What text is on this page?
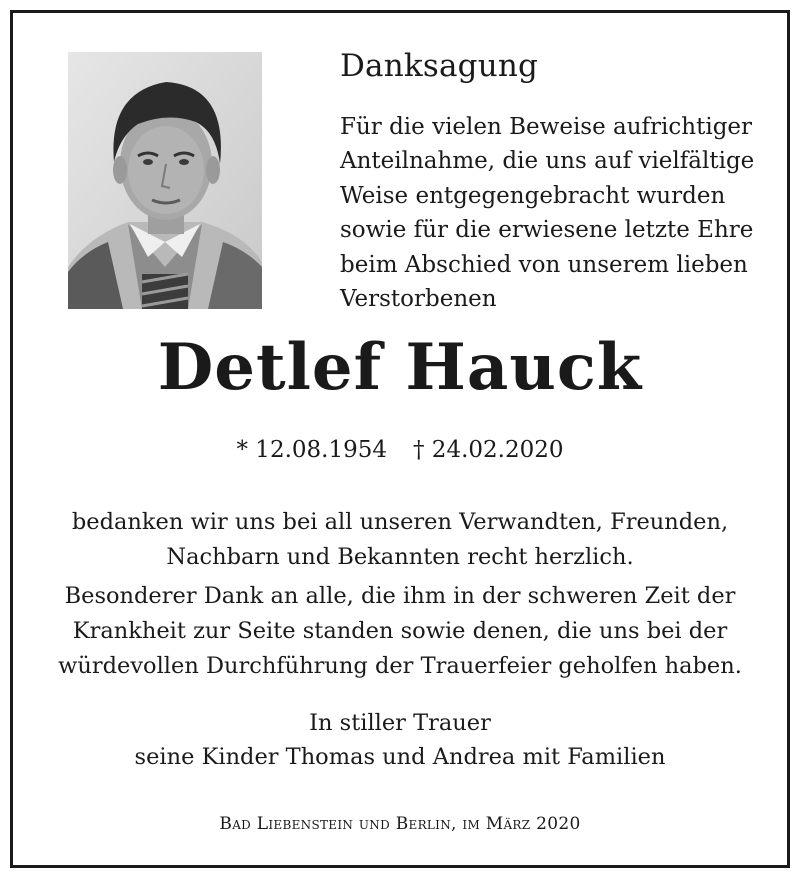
Danksagung
Für die vielen Beweise aufrichtiger
Anteilnahme, die uns auf vielfältige
Weise entgegengebracht wurden
sowie für die erwiesene letzte Ehre
beim Abschied von unserem lieben
Verstorbenen
Detlef Hauck
* 12.08.1954 † 24.02.2020
bedanken wir uns bei all unseren Verwandten, Freunden,
Nachbarn und Bekannten recht herzlich.
Besonderer Dank an alle, die ihm in der schweren Zeit der
Krankheit zur Seite standen sowie denen, die uns bei der
würdevollen Durchführung der Trauerfeier geholfen haben.
In stiller Trauer
seine Kinder Thomas und Andrea mit Familien
Bad Liebenstein und Berlin, im März 2020
